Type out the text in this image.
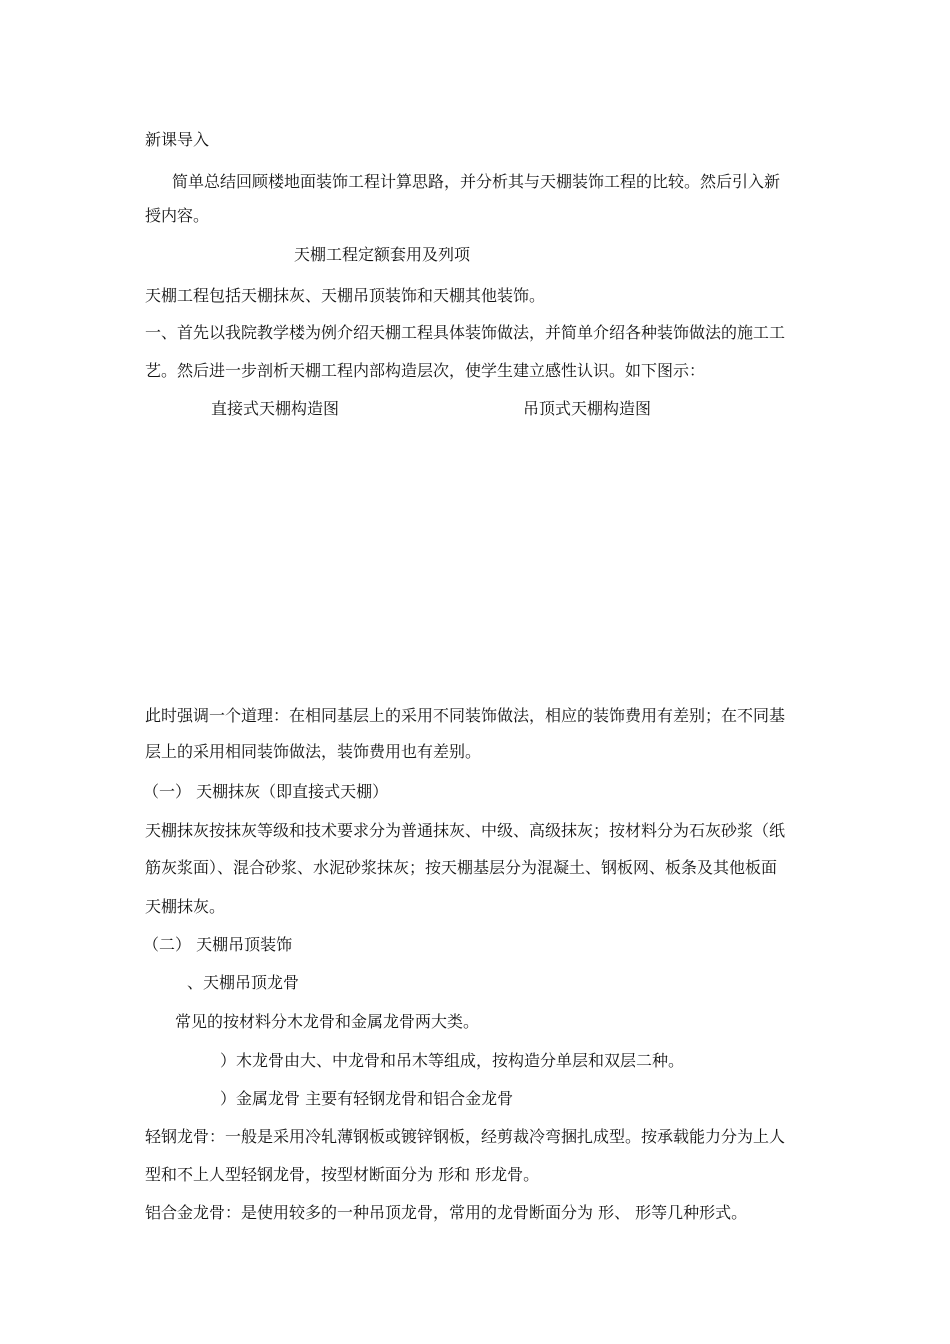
新课导入
简单总结回顾楼地面装饰工程计算思路，并分析其与天棚装饰工程的比较。然后引入新
授内容。
天棚工程定额套用及列项
天棚工程包括天棚抹灰、天棚吊顶装饰和天棚其他装饰。
一、首先以我院教学楼为例介绍天棚工程具体装饰做法，并简单介绍各种装饰做法的施工工
艺。然后进一步剖析天棚工程内部构造层次，使学生建立感性认识。如下图示：
直接式天棚构造图	吊顶式天棚构造图
此时强调一个道理：在相同基层上的采用不同装饰做法，相应的装饰费用有差别；在不同基
层上的采用相同装饰做法，装饰费用也有差别。
（一） 天棚抹灰（即直接式天棚）
天棚抹灰按抹灰等级和技术要求分为普通抹灰、中级、高级抹灰；按材料分为石灰砂浆（纸
筋灰浆面）、混合砂浆、水泥砂浆抹灰；按天棚基层分为混凝土、钢板网、板条及其他板面
天棚抹灰。
（二） 天棚吊顶装饰
、天棚吊顶龙骨
常见的按材料分木龙骨和金属龙骨两大类。
）木龙骨由大、中龙骨和吊木等组成，按构造分单层和双层二种。
）金属龙骨 主要有轻钢龙骨和铝合金龙骨
轻钢龙骨：一般是采用冷轧薄钢板或镀锌钢板，经剪裁冷弯捆扎成型。按承载能力分为上人
型和不上人型轻钢龙骨，按型材断面分为 形和 形龙骨。
铝合金龙骨：是使用较多的一种吊顶龙骨，常用的龙骨断面分为 形、 形等几种形式。
